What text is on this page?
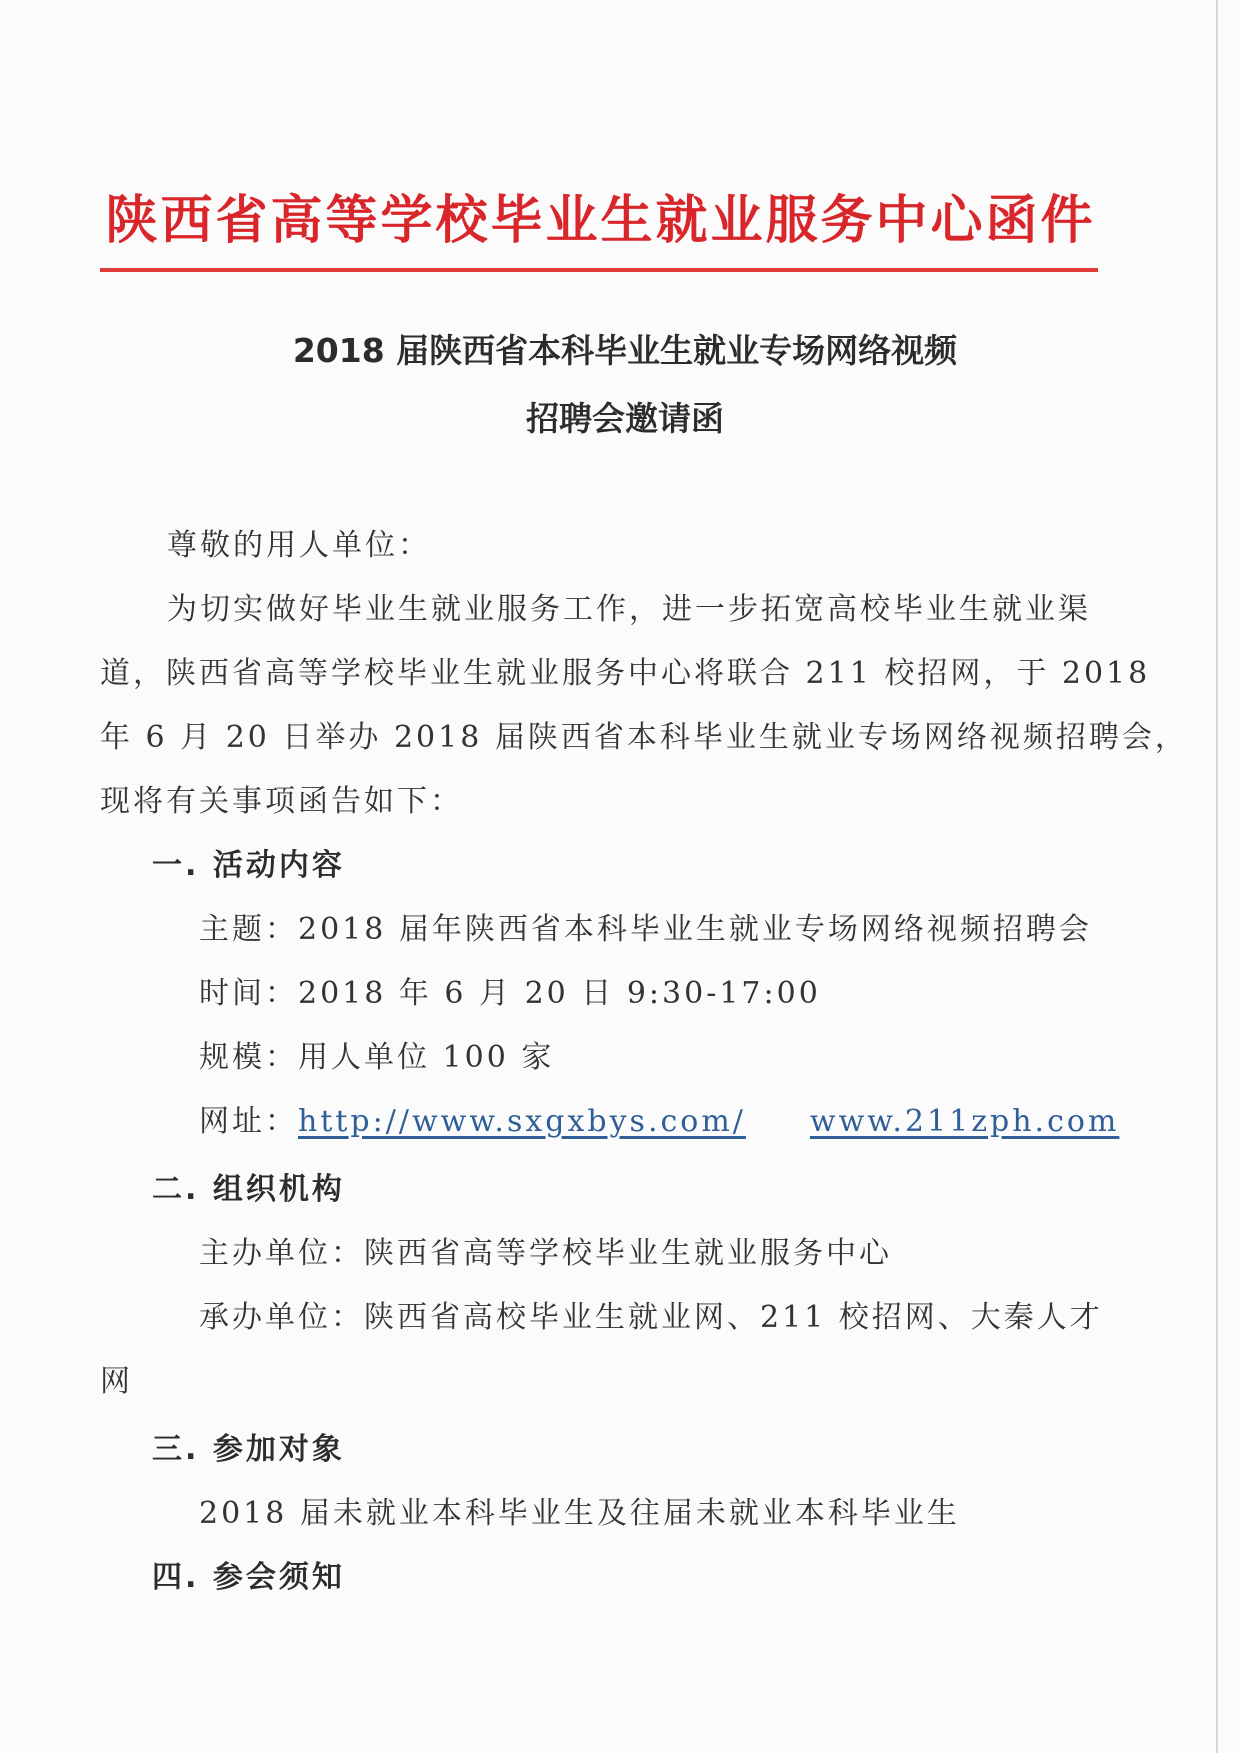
陕西省高等学校毕业生就业服务中心函件
2018 届陕西省本科毕业生就业专场网络视频
招聘会邀请函
尊敬的用人单位：
为切实做好毕业生就业服务工作，进一步拓宽高校毕业生就业渠
道，陕西省高等学校毕业生就业服务中心将联合 211 校招网，于 2018
年 6 月 20 日举办 2018 届陕西省本科毕业生就业专场网络视频招聘会，
现将有关事项函告如下：
一. 活动内容
主题：2018 届年陕西省本科毕业生就业专场网络视频招聘会
时间：2018 年 6 月 20 日 9:30-17:00
规模：用人单位 100 家
网址：http://www.sxgxbys.com/ www.211zph.com
二. 组织机构
主办单位：陕西省高等学校毕业生就业服务中心
承办单位：陕西省高校毕业生就业网、211 校招网、大秦人才
网
三. 参加对象
2018 届未就业本科毕业生及往届未就业本科毕业生
四. 参会须知
